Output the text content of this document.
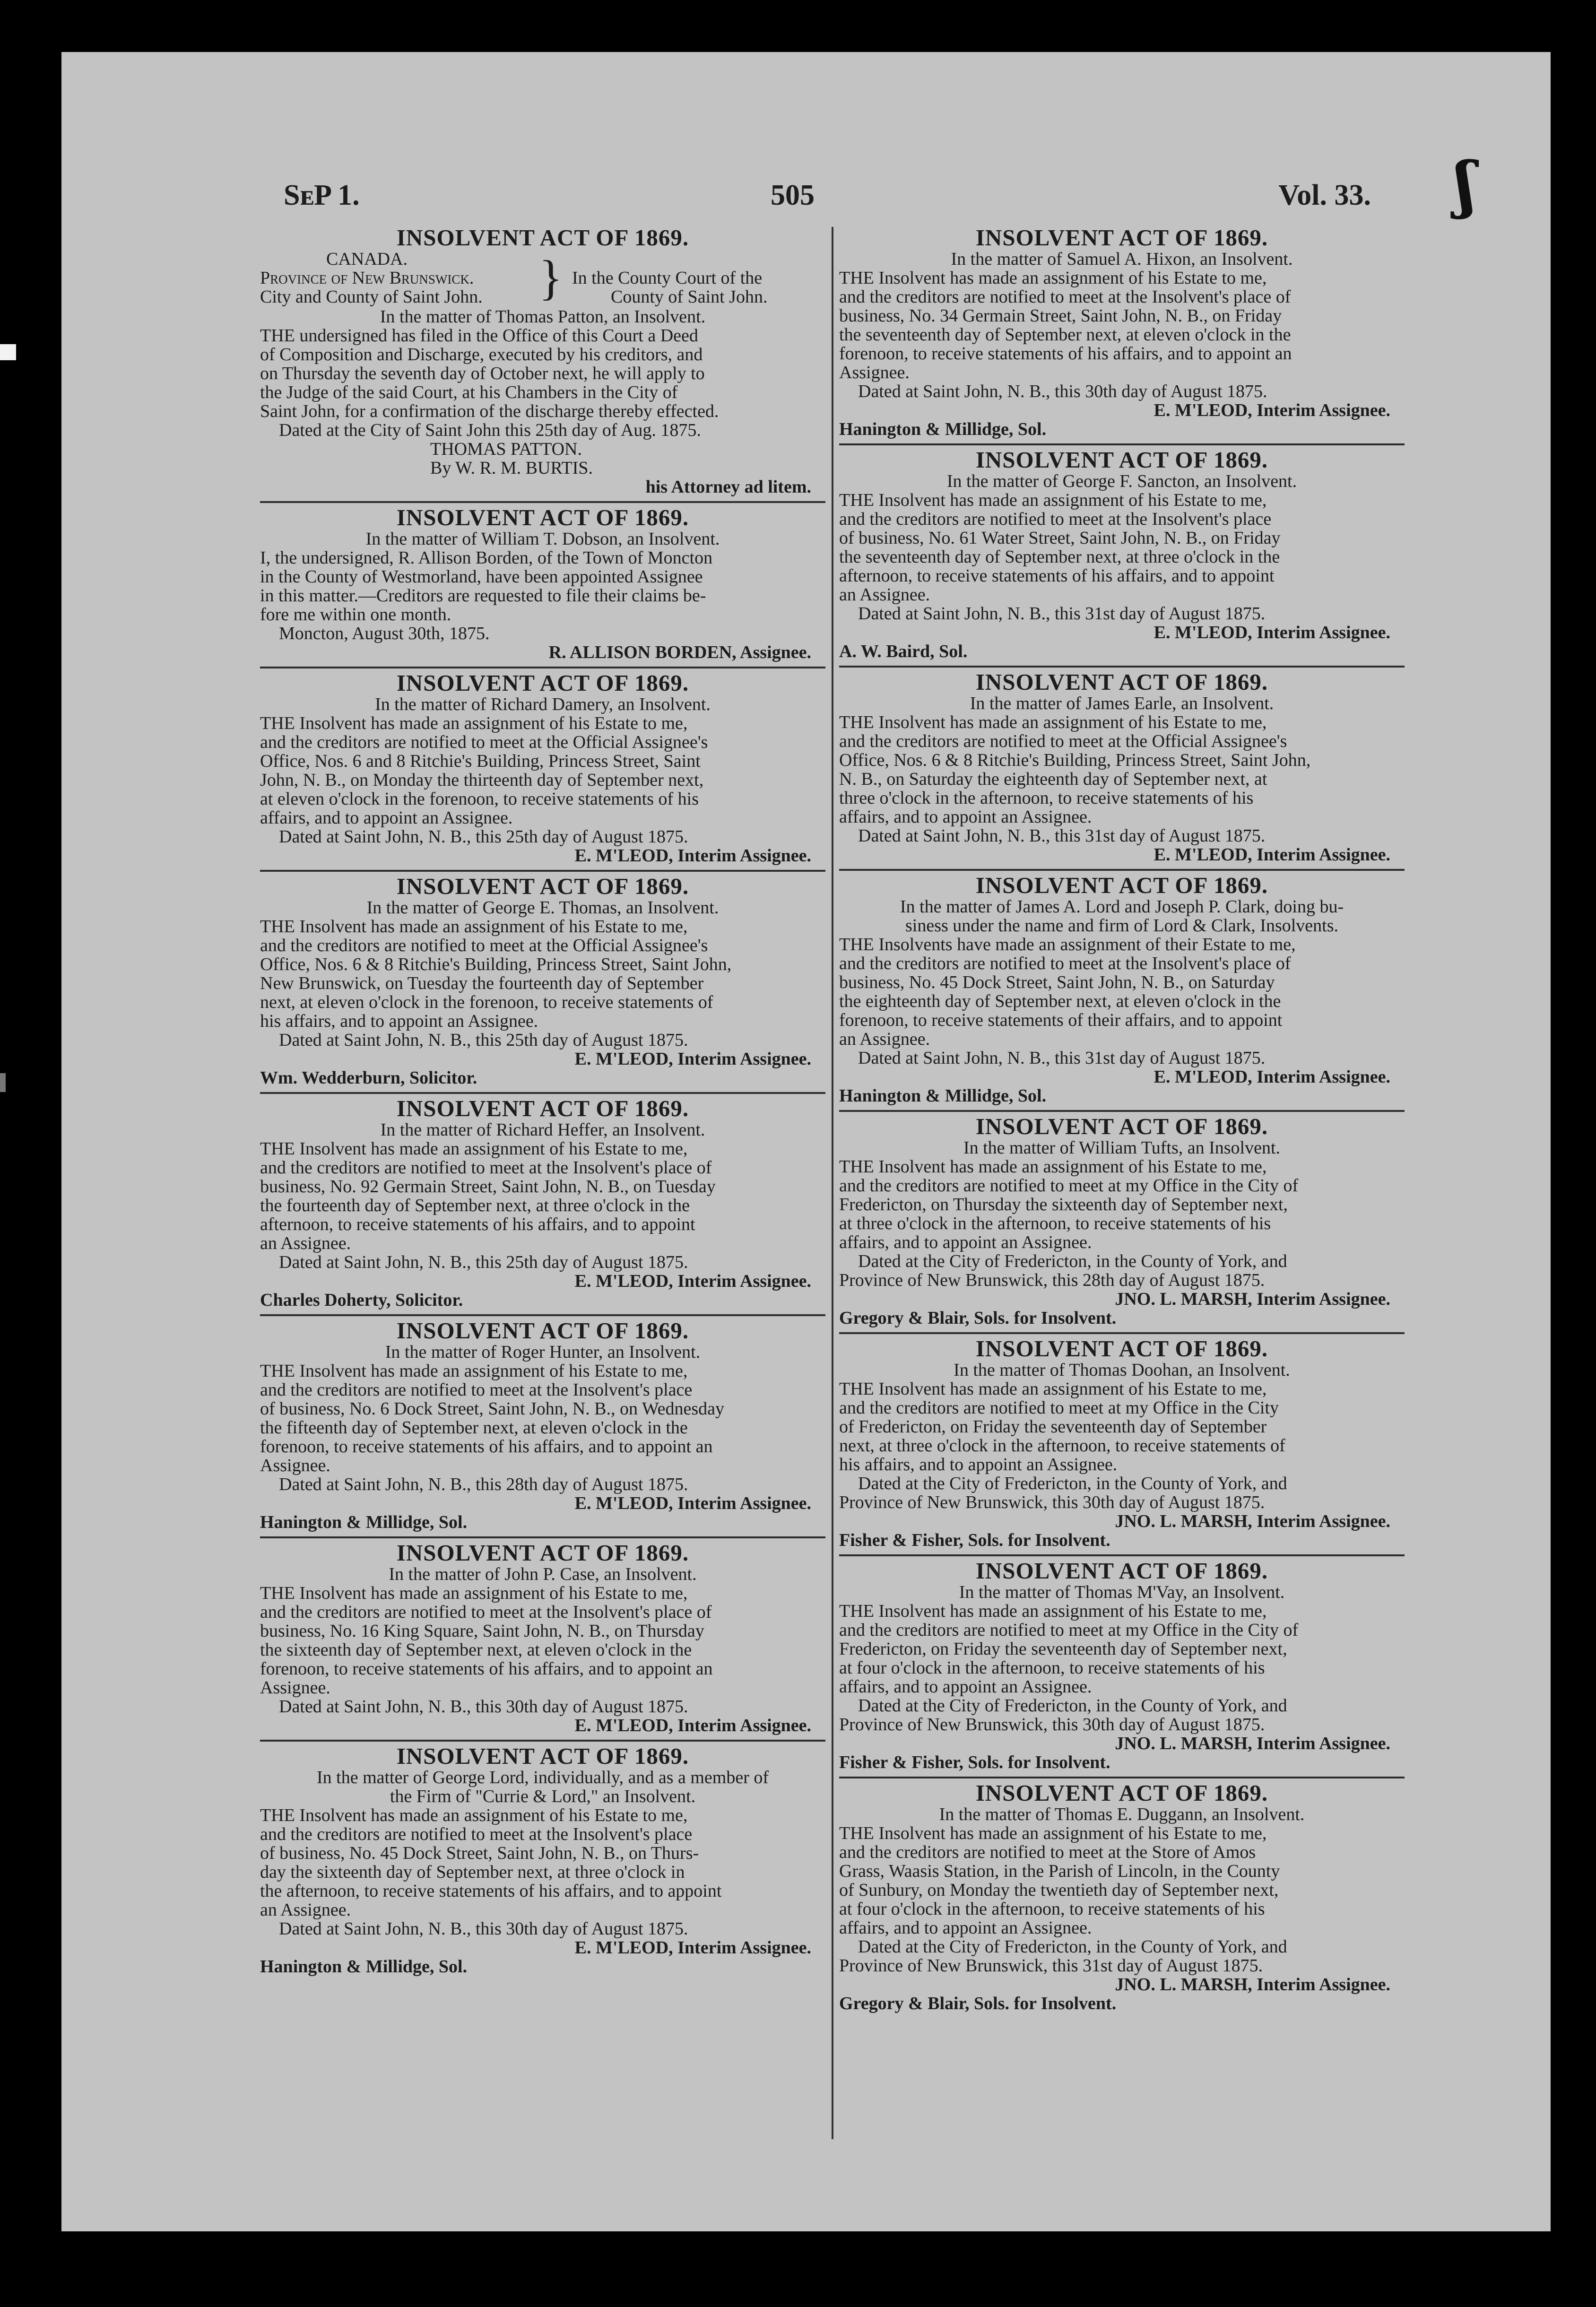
ʃ
SᴇP 1.	505	Vol. 33.
INSOLVENT ACT OF 1869.
CANADA.
Province of New Brunswick.
City and County of Saint John.
In the County Court of the
County of Saint John.
}
In the matter of Thomas Patton, an Insolvent.
THE undersigned has filed in the Office of this Court a Deed
of Composition and Discharge, executed by his creditors, and
on Thursday the seventh day of October next, he will apply to
the Judge of the said Court, at his Chambers in the City of
Saint John, for a confirmation of the discharge thereby effected.
Dated at the City of Saint John this 25th day of Aug. 1875.
THOMAS PATTON.
By W. R. M. BURTIS.
his Attorney ad litem.
INSOLVENT ACT OF 1869.
In the matter of William T. Dobson, an Insolvent.
I, the undersigned, R. Allison Borden, of the Town of Moncton
in the County of Westmorland, have been appointed Assignee
in this matter.—Creditors are requested to file their claims be-
fore me within one month.
Moncton, August 30th, 1875.
R. ALLISON BORDEN, Assignee.
INSOLVENT ACT OF 1869.
In the matter of Richard Damery, an Insolvent.
THE Insolvent has made an assignment of his Estate to me,
and the creditors are notified to meet at the Official Assignee's
Office, Nos. 6 and 8 Ritchie's Building, Princess Street, Saint
John, N. B., on Monday the thirteenth day of September next,
at eleven o'clock in the forenoon, to receive statements of his
affairs, and to appoint an Assignee.
Dated at Saint John, N. B., this 25th day of August 1875.
E. M'LEOD, Interim Assignee.
INSOLVENT ACT OF 1869.
In the matter of George E. Thomas, an Insolvent.
THE Insolvent has made an assignment of his Estate to me,
and the creditors are notified to meet at the Official Assignee's
Office, Nos. 6 & 8 Ritchie's Building, Princess Street, Saint John,
New Brunswick, on Tuesday the fourteenth day of September
next, at eleven o'clock in the forenoon, to receive statements of
his affairs, and to appoint an Assignee.
Dated at Saint John, N. B., this 25th day of August 1875.
E. M'LEOD, Interim Assignee.
Wm. Wedderburn, Solicitor.
INSOLVENT ACT OF 1869.
In the matter of Richard Heffer, an Insolvent.
THE Insolvent has made an assignment of his Estate to me,
and the creditors are notified to meet at the Insolvent's place of
business, No. 92 Germain Street, Saint John, N. B., on Tuesday
the fourteenth day of September next, at three o'clock in the
afternoon, to receive statements of his affairs, and to appoint
an Assignee.
Dated at Saint John, N. B., this 25th day of August 1875.
E. M'LEOD, Interim Assignee.
Charles Doherty, Solicitor.
INSOLVENT ACT OF 1869.
In the matter of Roger Hunter, an Insolvent.
THE Insolvent has made an assignment of his Estate to me,
and the creditors are notified to meet at the Insolvent's place
of business, No. 6 Dock Street, Saint John, N. B., on Wednesday
the fifteenth day of September next, at eleven o'clock in the
forenoon, to receive statements of his affairs, and to appoint an
Assignee.
Dated at Saint John, N. B., this 28th day of August 1875.
E. M'LEOD, Interim Assignee.
Hanington & Millidge, Sol.
INSOLVENT ACT OF 1869.
In the matter of John P. Case, an Insolvent.
THE Insolvent has made an assignment of his Estate to me,
and the creditors are notified to meet at the Insolvent's place of
business, No. 16 King Square, Saint John, N. B., on Thursday
the sixteenth day of September next, at eleven o'clock in the
forenoon, to receive statements of his affairs, and to appoint an
Assignee.
Dated at Saint John, N. B., this 30th day of August 1875.
E. M'LEOD, Interim Assignee.
INSOLVENT ACT OF 1869.
In the matter of George Lord, individually, and as a member of
the Firm of "Currie & Lord," an Insolvent.
THE Insolvent has made an assignment of his Estate to me,
and the creditors are notified to meet at the Insolvent's place
of business, No. 45 Dock Street, Saint John, N. B., on Thurs-
day the sixteenth day of September next, at three o'clock in
the afternoon, to receive statements of his affairs, and to appoint
an Assignee.
Dated at Saint John, N. B., this 30th day of August 1875.
E. M'LEOD, Interim Assignee.
Hanington & Millidge, Sol.
INSOLVENT ACT OF 1869.
In the matter of Samuel A. Hixon, an Insolvent.
THE Insolvent has made an assignment of his Estate to me,
and the creditors are notified to meet at the Insolvent's place of
business, No. 34 Germain Street, Saint John, N. B., on Friday
the seventeenth day of September next, at eleven o'clock in the
forenoon, to receive statements of his affairs, and to appoint an
Assignee.
Dated at Saint John, N. B., this 30th day of August 1875.
E. M'LEOD, Interim Assignee.
Hanington & Millidge, Sol.
INSOLVENT ACT OF 1869.
In the matter of George F. Sancton, an Insolvent.
THE Insolvent has made an assignment of his Estate to me,
and the creditors are notified to meet at the Insolvent's place
of business, No. 61 Water Street, Saint John, N. B., on Friday
the seventeenth day of September next, at three o'clock in the
afternoon, to receive statements of his affairs, and to appoint
an Assignee.
Dated at Saint John, N. B., this 31st day of August 1875.
E. M'LEOD, Interim Assignee.
A. W. Baird, Sol.
INSOLVENT ACT OF 1869.
In the matter of James Earle, an Insolvent.
THE Insolvent has made an assignment of his Estate to me,
and the creditors are notified to meet at the Official Assignee's
Office, Nos. 6 & 8 Ritchie's Building, Princess Street, Saint John,
N. B., on Saturday the eighteenth day of September next, at
three o'clock in the afternoon, to receive statements of his
affairs, and to appoint an Assignee.
Dated at Saint John, N. B., this 31st day of August 1875.
E. M'LEOD, Interim Assignee.
INSOLVENT ACT OF 1869.
In the matter of James A. Lord and Joseph P. Clark, doing bu-
siness under the name and firm of Lord & Clark, Insolvents.
THE Insolvents have made an assignment of their Estate to me,
and the creditors are notified to meet at the Insolvent's place of
business, No. 45 Dock Street, Saint John, N. B., on Saturday
the eighteenth day of September next, at eleven o'clock in the
forenoon, to receive statements of their affairs, and to appoint
an Assignee.
Dated at Saint John, N. B., this 31st day of August 1875.
E. M'LEOD, Interim Assignee.
Hanington & Millidge, Sol.
INSOLVENT ACT OF 1869.
In the matter of William Tufts, an Insolvent.
THE Insolvent has made an assignment of his Estate to me,
and the creditors are notified to meet at my Office in the City of
Fredericton, on Thursday the sixteenth day of September next,
at three o'clock in the afternoon, to receive statements of his
affairs, and to appoint an Assignee.
Dated at the City of Fredericton, in the County of York, and
Province of New Brunswick, this 28th day of August 1875.
JNO. L. MARSH, Interim Assignee.
Gregory & Blair, Sols. for Insolvent.
INSOLVENT ACT OF 1869.
In the matter of Thomas Doohan, an Insolvent.
THE Insolvent has made an assignment of his Estate to me,
and the creditors are notified to meet at my Office in the City
of Fredericton, on Friday the seventeenth day of September
next, at three o'clock in the afternoon, to receive statements of
his affairs, and to appoint an Assignee.
Dated at the City of Fredericton, in the County of York, and
Province of New Brunswick, this 30th day of August 1875.
JNO. L. MARSH, Interim Assignee.
Fisher & Fisher, Sols. for Insolvent.
INSOLVENT ACT OF 1869.
In the matter of Thomas M'Vay, an Insolvent.
THE Insolvent has made an assignment of his Estate to me,
and the creditors are notified to meet at my Office in the City of
Fredericton, on Friday the seventeenth day of September next,
at four o'clock in the afternoon, to receive statements of his
affairs, and to appoint an Assignee.
Dated at the City of Fredericton, in the County of York, and
Province of New Brunswick, this 30th day of August 1875.
JNO. L. MARSH, Interim Assignee.
Fisher & Fisher, Sols. for Insolvent.
INSOLVENT ACT OF 1869.
In the matter of Thomas E. Duggann, an Insolvent.
THE Insolvent has made an assignment of his Estate to me,
and the creditors are notified to meet at the Store of Amos
Grass, Waasis Station, in the Parish of Lincoln, in the County
of Sunbury, on Monday the twentieth day of September next,
at four o'clock in the afternoon, to receive statements of his
affairs, and to appoint an Assignee.
Dated at the City of Fredericton, in the County of York, and
Province of New Brunswick, this 31st day of August 1875.
JNO. L. MARSH, Interim Assignee.
Gregory & Blair, Sols. for Insolvent.
